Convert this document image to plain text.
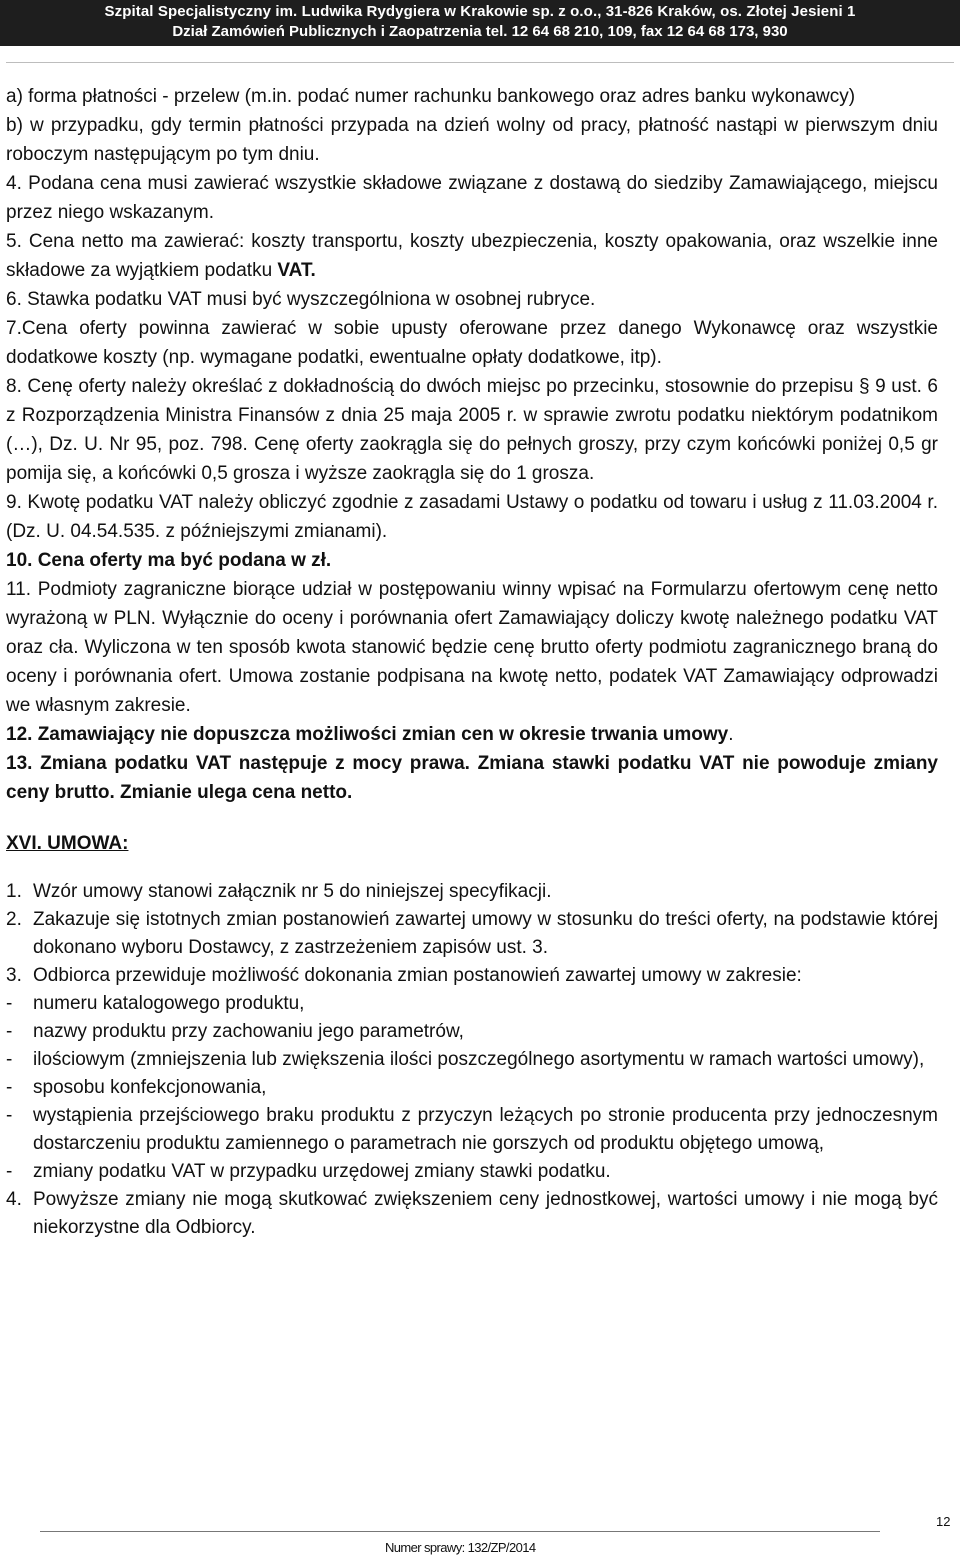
Szpital Specjalistyczny im. Ludwika Rydygiera w Krakowie sp. z o.o., 31-826 Kraków, os. Złotej Jesieni 1
Dział Zamówień Publicznych i Zaopatrzenia tel. 12 64 68 210, 109, fax 12 64 68 173, 930

a) forma płatności - przelew (m.in. podać numer rachunku bankowego oraz adres banku wykonawcy)

b) w przypadku, gdy termin płatności przypada na dzień wolny od pracy, płatność nastąpi w pierwszym dniu roboczym następującym po tym dniu.

4. Podana cena musi zawierać wszystkie składowe związane z dostawą do siedziby Zamawiającego, miejscu przez niego wskazanym.

5. Cena netto ma zawierać: koszty transportu, koszty ubezpieczenia, koszty opakowania, oraz wszelkie inne składowe za wyjątkiem podatku VAT.

6. Stawka podatku VAT musi być wyszczególniona w osobnej rubryce.

7.Cena oferty powinna zawierać w sobie upusty oferowane przez danego Wykonawcę oraz wszystkie dodatkowe koszty (np. wymagane podatki, ewentualne opłaty dodatkowe, itp).

8. Cenę oferty należy określać z dokładnością do dwóch miejsc po przecinku, stosownie do przepisu § 9 ust. 6 z Rozporządzenia Ministra Finansów z dnia 25 maja 2005 r. w sprawie zwrotu podatku niektórym podatnikom (…), Dz. U. Nr 95, poz. 798. Cenę oferty zaokrągla się do pełnych groszy, przy czym końcówki poniżej 0,5 gr pomija się, a końcówki 0,5 grosza i wyższe zaokrągla się do 1 grosza.

9. Kwotę podatku VAT należy obliczyć zgodnie z zasadami Ustawy o podatku od towaru i usług z 11.03.2004 r. (Dz. U. 04.54.535. z późniejszymi zmianami).

10. Cena oferty ma być podana w zł.

11. Podmioty zagraniczne biorące udział w postępowaniu winny wpisać na Formularzu ofertowym cenę netto wyrażoną w PLN. Wyłącznie do oceny i porównania ofert Zamawiający doliczy kwotę należnego podatku VAT oraz cła. Wyliczona w ten sposób kwota stanowić będzie cenę brutto oferty podmiotu zagranicznego braną do oceny i porównania ofert. Umowa zostanie podpisana na kwotę netto, podatek VAT Zamawiający odprowadzi we własnym zakresie.

12. Zamawiający nie dopuszcza możliwości zmian cen w okresie trwania umowy.

13. Zmiana podatku VAT następuje z mocy prawa. Zmiana stawki podatku VAT nie powoduje zmiany ceny brutto. Zmianie ulega cena netto.

XVI. UMOWA:
1. Wzór umowy stanowi załącznik nr 5 do niniejszej specyfikacji.
2. Zakazuje się istotnych zmian postanowień zawartej umowy w stosunku do treści oferty, na podstawie której dokonano wyboru Dostawcy, z zastrzeżeniem zapisów ust. 3.
3. Odbiorca przewiduje możliwość dokonania zmian postanowień zawartej umowy w zakresie:
- numeru katalogowego produktu,
- nazwy produktu przy zachowaniu jego parametrów,
- ilościowym (zmniejszenia lub zwiększenia ilości poszczególnego asortymentu w ramach wartości umowy),
- sposobu konfekcjonowania,
- wystąpienia przejściowego braku produktu z przyczyn leżących po stronie producenta przy jednoczesnym dostarczeniu produktu zamiennego o parametrach nie gorszych od produktu objętego umową,
- zmiany podatku VAT w przypadku urzędowej zmiany stawki podatku.
4. Powyższe zmiany nie mogą skutkować zwiększeniem ceny jednostkowej, wartości umowy i nie mogą być niekorzystne dla Odbiorcy.
12
Numer sprawy: 132/ZP/2014
